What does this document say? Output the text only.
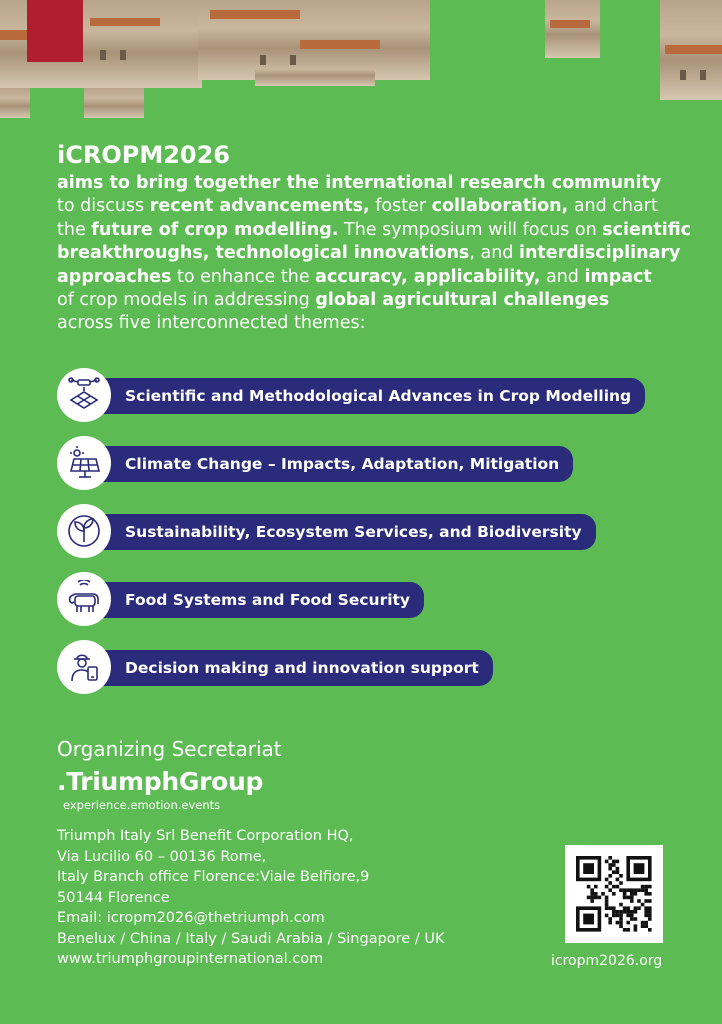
iCROPM2026

aims to bring together the international research community

to discuss recent advancements, foster collaboration, and chart

the future of crop modelling. The symposium will focus on scientific

breakthroughs, technological innovations, and interdisciplinary

approaches to enhance the accuracy, applicability, and impact

of crop models in addressing global agricultural challenges

across five interconnected themes:

Scientific and Methodological Advances in Crop Modelling
Climate Change – Impacts, Adaptation, Mitigation
Sustainability, Ecosystem Services, and Biodiversity
Food Systems and Food Security
Decision making and innovation support
Organizing Secretariat
.TriumphGroup
experience.emotion.events
Triumph Italy Srl Benefit Corporation HQ,
Via Lucilio 60 – 00136 Rome,
Italy Branch office Florence:Viale Belfiore,9
50144 Florence
Email: icropm2026@thetriumph.com
Benelux / China / Italy / Saudi Arabia / Singapore / UK
www.triumphgroupinternational.com	icropm2026.org
